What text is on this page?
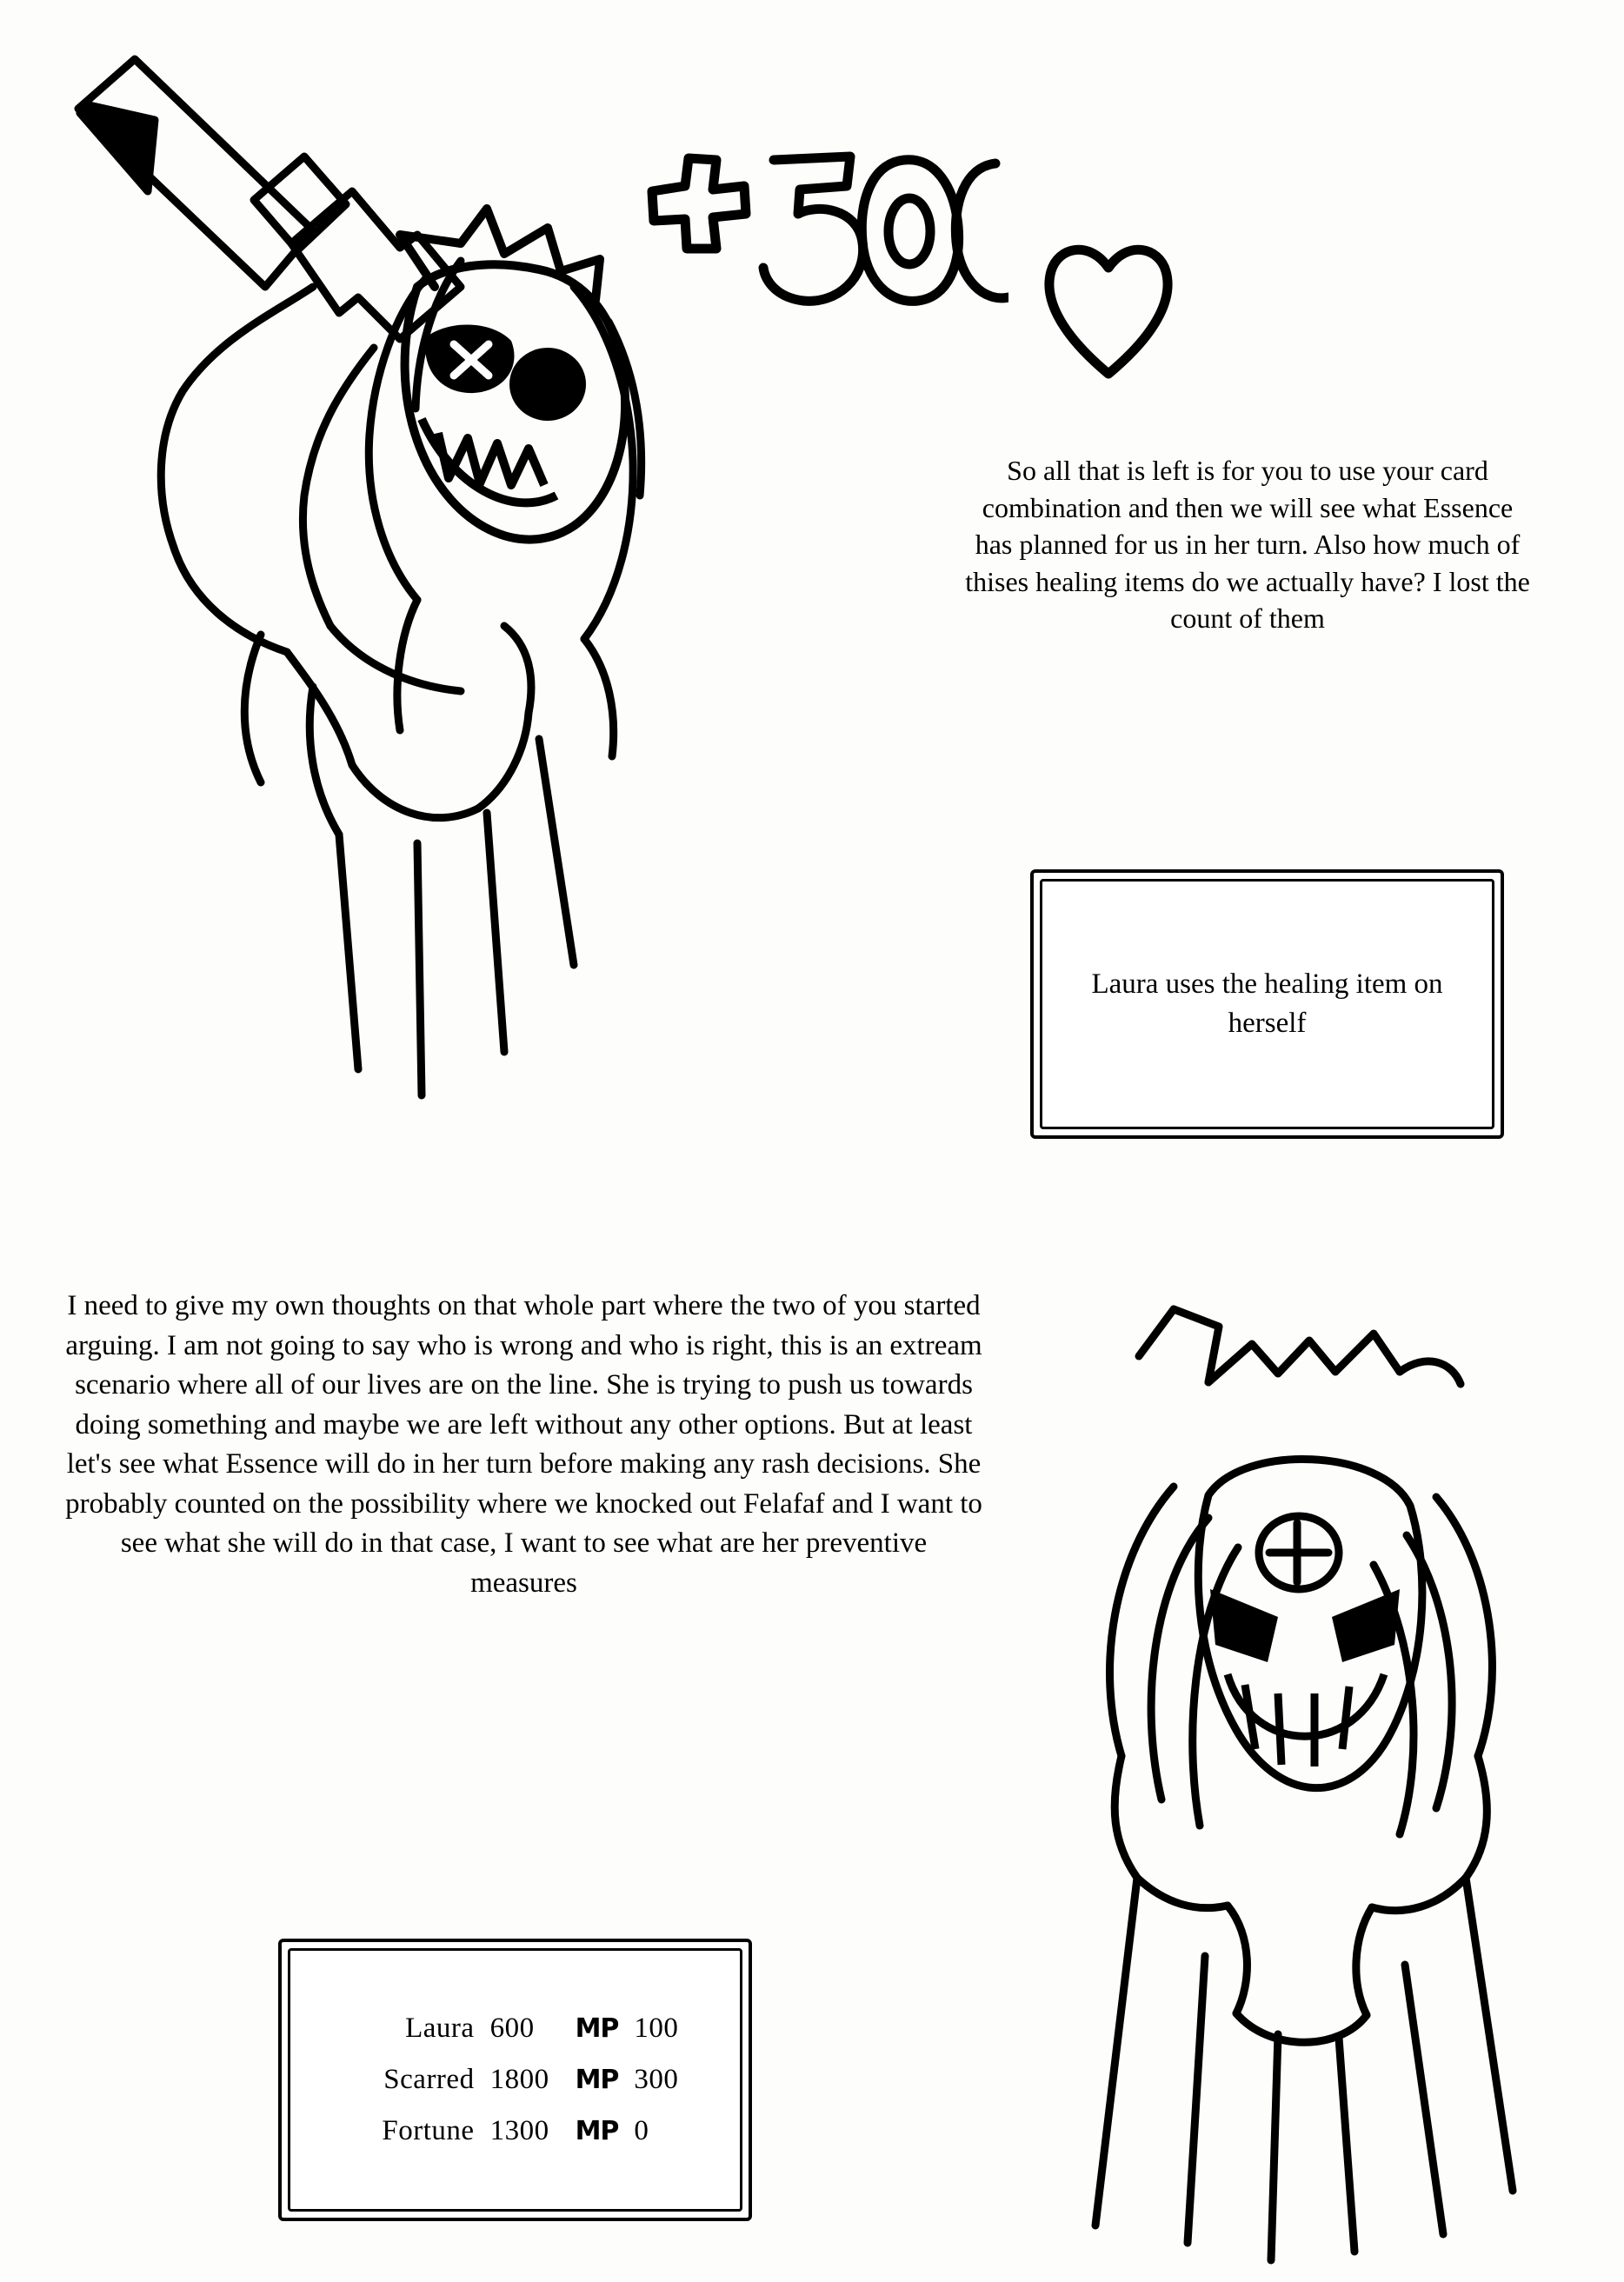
So all that is left is for you to use your card combination and then we will see what Essence has planned for us in her turn. Also how much of thises healing items do we actually have? I lost the count of them
Laura uses the healing item on herself
I need to give my own thoughts on that whole part where the two of you started arguing. I am not going to say who is wrong and who is right, this is an extream scenario where all of our lives are on the line. She is trying to push us towards doing something and maybe we are left without any other options. But at least let's see what Essence will do in her turn before making any rash decisions. She probably counted on the possibility where we knocked out Felafaf and I want to see what she will do in that case, I want to see what are her preventive measures
Laura 600	MP 100
Scarred 1800	MP 300
Fortune 1300	MP 0
